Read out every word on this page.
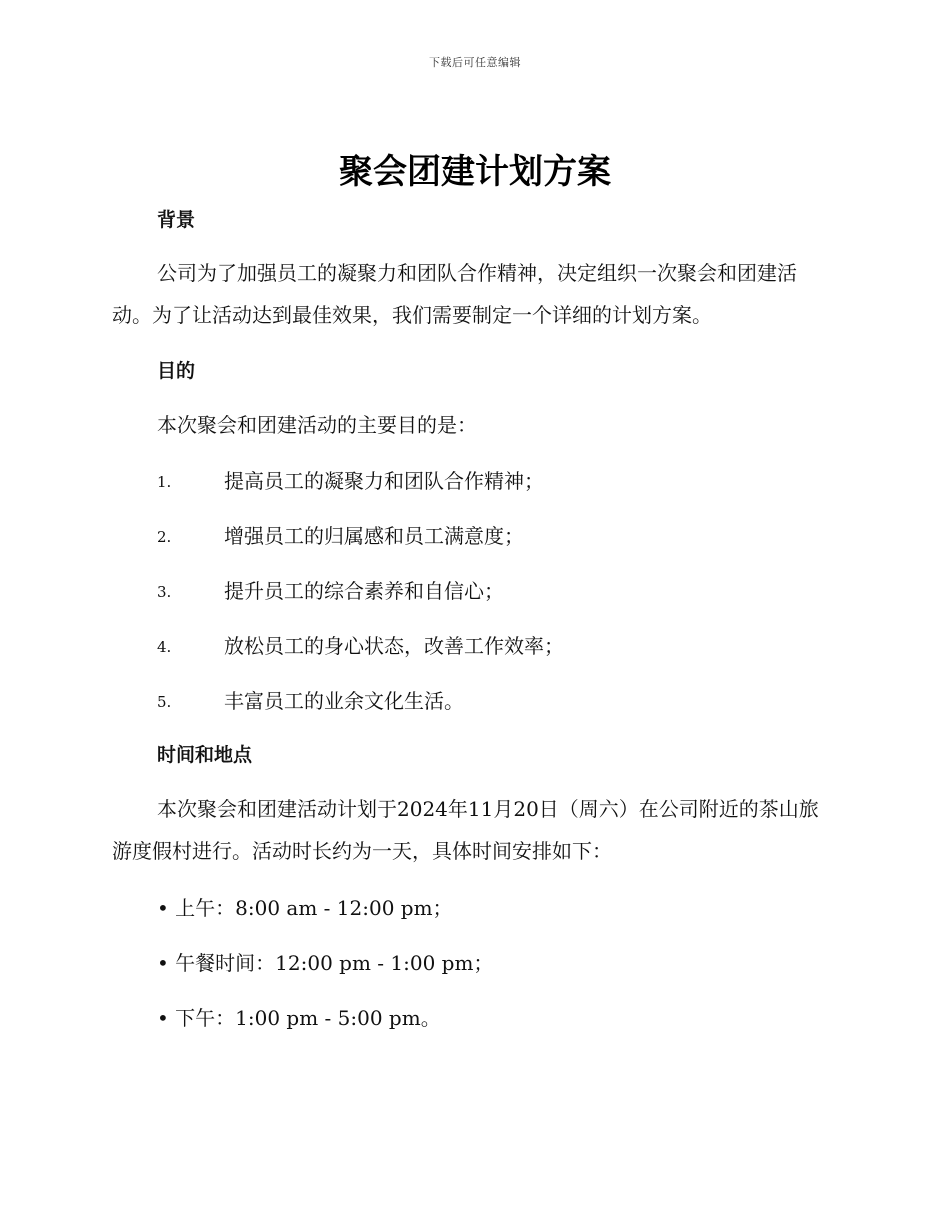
下载后可任意编辑
聚会团建计划方案
背景
公司为了加强员工的凝聚力和团队合作精神，决定组织一次聚会和团建活动。为了让活动达到最佳效果，我们需要制定一个详细的计划方案。
目的
本次聚会和团建活动的主要目的是：
1.	提高员工的凝聚力和团队合作精神；
2.	增强员工的归属感和员工满意度；
3.	提升员工的综合素养和自信心；
4.	放松员工的身心状态，改善工作效率；
5.	丰富员工的业余文化生活。
时间和地点
本次聚会和团建活动计划于2024年11月20日（周六）在公司附近的茶山旅游度假村进行。活动时长约为一天，具体时间安排如下：
• 上午：8:00 am - 12:00 pm；
• 午餐时间：12:00 pm - 1:00 pm；
• 下午：1:00 pm - 5:00 pm。
